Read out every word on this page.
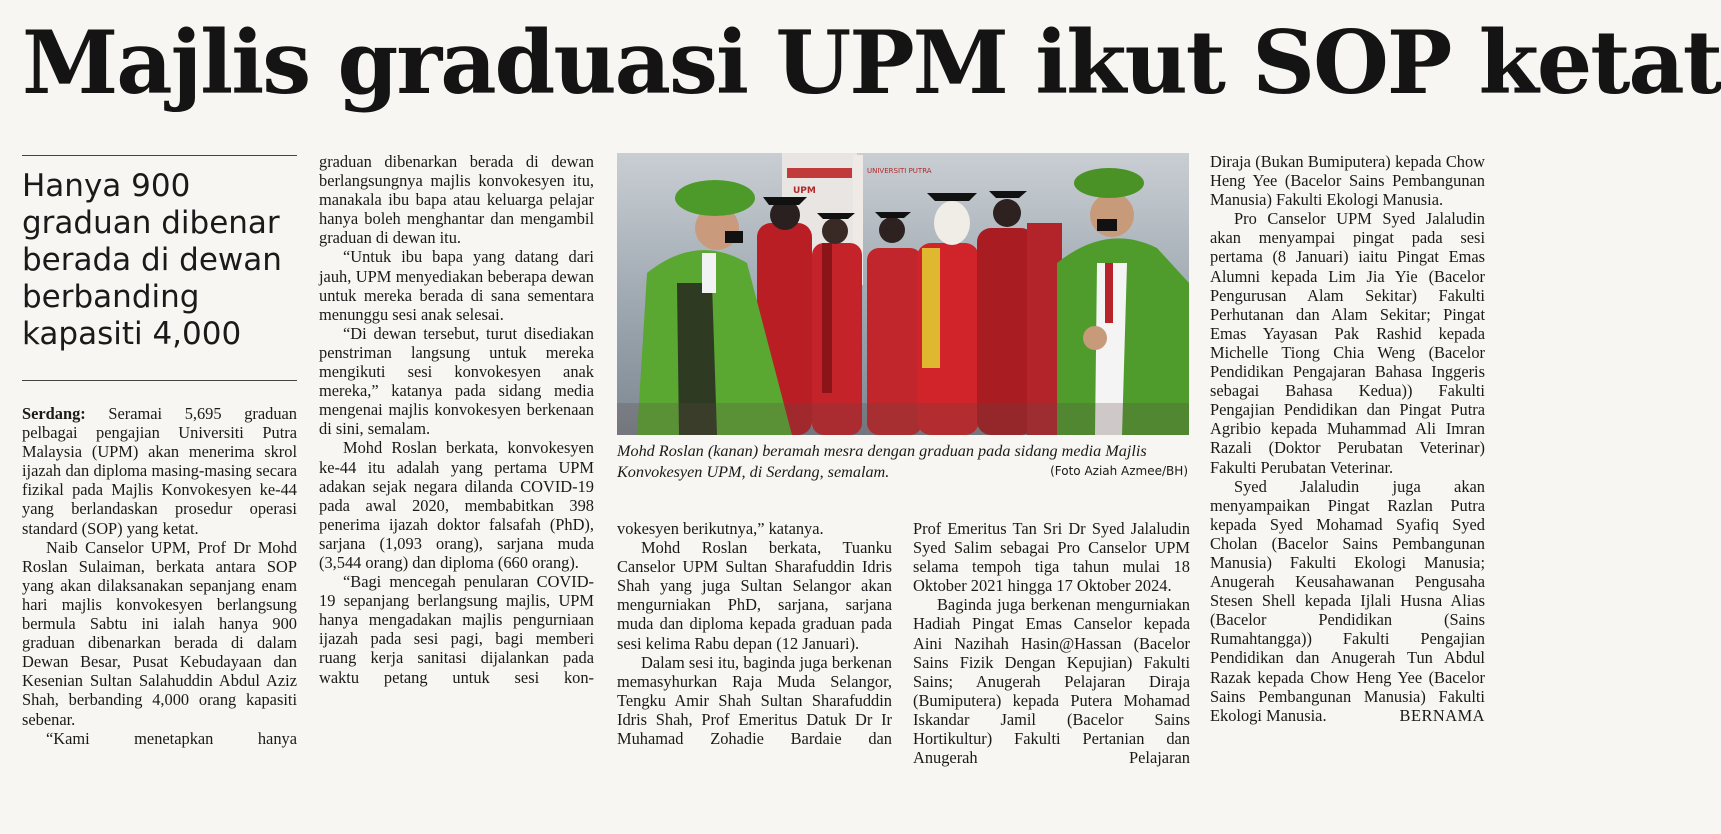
Majlis graduasi UPM ikut SOP ketat
Hanya 900 graduan dibenar berada di dewan berbanding kapasiti 4,000

Serdang: Seramai 5,695 graduan pelbagai pengajian Universiti Putra Malaysia (UPM) akan menerima skrol ijazah dan diploma masing-masing secara fizikal pada Majlis Konvokesyen ke-44 yang berlandaskan prosedur operasi standard (SOP) yang ketat.

Naib Canselor UPM, Prof Dr Mohd Roslan Sulaiman, berkata antara SOP yang akan dilaksanakan sepanjang enam hari majlis konvokesyen berlangsung bermula Sabtu ini ialah hanya 900 graduan dibenarkan berada di dalam Dewan Besar, Pusat Kebudayaan dan Kesenian Sultan Salahuddin Abdul Aziz Shah, berbanding 4,000 orang kapasiti sebenar.

“Kami menetapkan hanya

graduan dibenarkan berada di dewan berlangsungnya majlis konvokesyen itu, manakala ibu bapa atau keluarga pelajar hanya boleh menghantar dan mengambil graduan di dewan itu.

“Untuk ibu bapa yang datang dari jauh, UPM menyediakan beberapa dewan untuk mereka berada di sana sementara menunggu sesi anak selesai.

“Di dewan tersebut, turut disediakan penstriman langsung untuk mereka mengikuti sesi konvokesyen anak mereka,” katanya pada sidang media mengenai majlis konvokesyen berkenaan di sini, semalam.

Mohd Roslan berkata, konvokesyen ke-44 itu adalah yang pertama UPM adakan sejak negara dilanda COVID-19 pada awal 2020, membabitkan 398 penerima ijazah doktor falsafah (PhD), sarjana (1,093 orang), sarjana muda (3,544 orang) dan diploma (660 orang).

“Bagi mencegah penularan COVID-19 sepanjang berlangsung majlis, UPM hanya mengadakan majlis pengurniaan ijazah pada sesi pagi, bagi memberi ruang kerja sanitasi dijalankan pada waktu petang untuk sesi kon-

UPM
UNIVERSITI PUTRA
Mohd Roslan (kanan) beramah mesra dengan graduan pada sidang media Majlis Konvokesyen UPM, di Serdang, semalam.	(Foto Aziah Azmee/BH)

vokesyen berikutnya,” katanya.

Mohd Roslan berkata, Tuanku Canselor UPM Sultan Sharafuddin Idris Shah yang juga Sultan Selangor akan mengurniakan PhD, sarjana, sarjana muda dan diploma kepada graduan pada sesi kelima Rabu depan (12 Januari).

Dalam sesi itu, baginda juga berkenan memasyhurkan Raja Muda Selangor, Tengku Amir Shah Sultan Sharafuddin Idris Shah, Prof Emeritus Datuk Dr Ir Muhamad Zohadie Bardaie dan

Prof Emeritus Tan Sri Dr Syed Jalaludin Syed Salim sebagai Pro Canselor UPM selama tempoh tiga tahun mulai 18 Oktober 2021 hingga 17 Oktober 2024.

Baginda juga berkenan mengurniakan Hadiah Pingat Emas Canselor kepada Aini Nazihah Hasin@Hassan (Bacelor Sains Fizik Dengan Kepujian) Fakulti Sains; Anugerah Pelajaran Diraja (Bumiputera) kepada Putera Mohamad Iskandar Jamil (Bacelor Sains Hortikultur) Fakulti Pertanian dan Anugerah Pelajaran

Diraja (Bukan Bumiputera) kepada Chow Heng Yee (Bacelor Sains Pembangunan Manusia) Fakulti Ekologi Manusia.

Pro Canselor UPM Syed Jalaludin akan menyampai pingat pada sesi pertama (8 Januari) iaitu Pingat Emas Alumni kepada Lim Jia Yie (Bacelor Pengurusan Alam Sekitar) Fakulti Perhutanan dan Alam Sekitar; Pingat Emas Yayasan Pak Rashid kepada Michelle Tiong Chia Weng (Bacelor Pendidikan Pengajaran Bahasa Inggeris sebagai Bahasa Kedua)) Fakulti Pengajian Pendidikan dan Pingat Putra Agribio kepada Muhammad Ali Imran Razali (Doktor Perubatan Veterinar) Fakulti Perubatan Veterinar.

Syed Jalaludin juga akan menyampaikan Pingat Razlan Putra kepada Syed Mohamad Syafiq Syed Cholan (Bacelor Sains Pembangunan Manusia) Fakulti Ekologi Manusia; Anugerah Keusahawanan Pengusaha Stesen Shell kepada Ijlali Husna Alias (Bacelor Pendidikan (Sains Rumahtangga)) Fakulti Pengajian Pendidikan dan Anugerah Tun Abdul Razak kepada Chow Heng Yee (Bacelor Sains Pembangunan Manusia) Fakulti Ekologi Manusia.	BERNAMA
